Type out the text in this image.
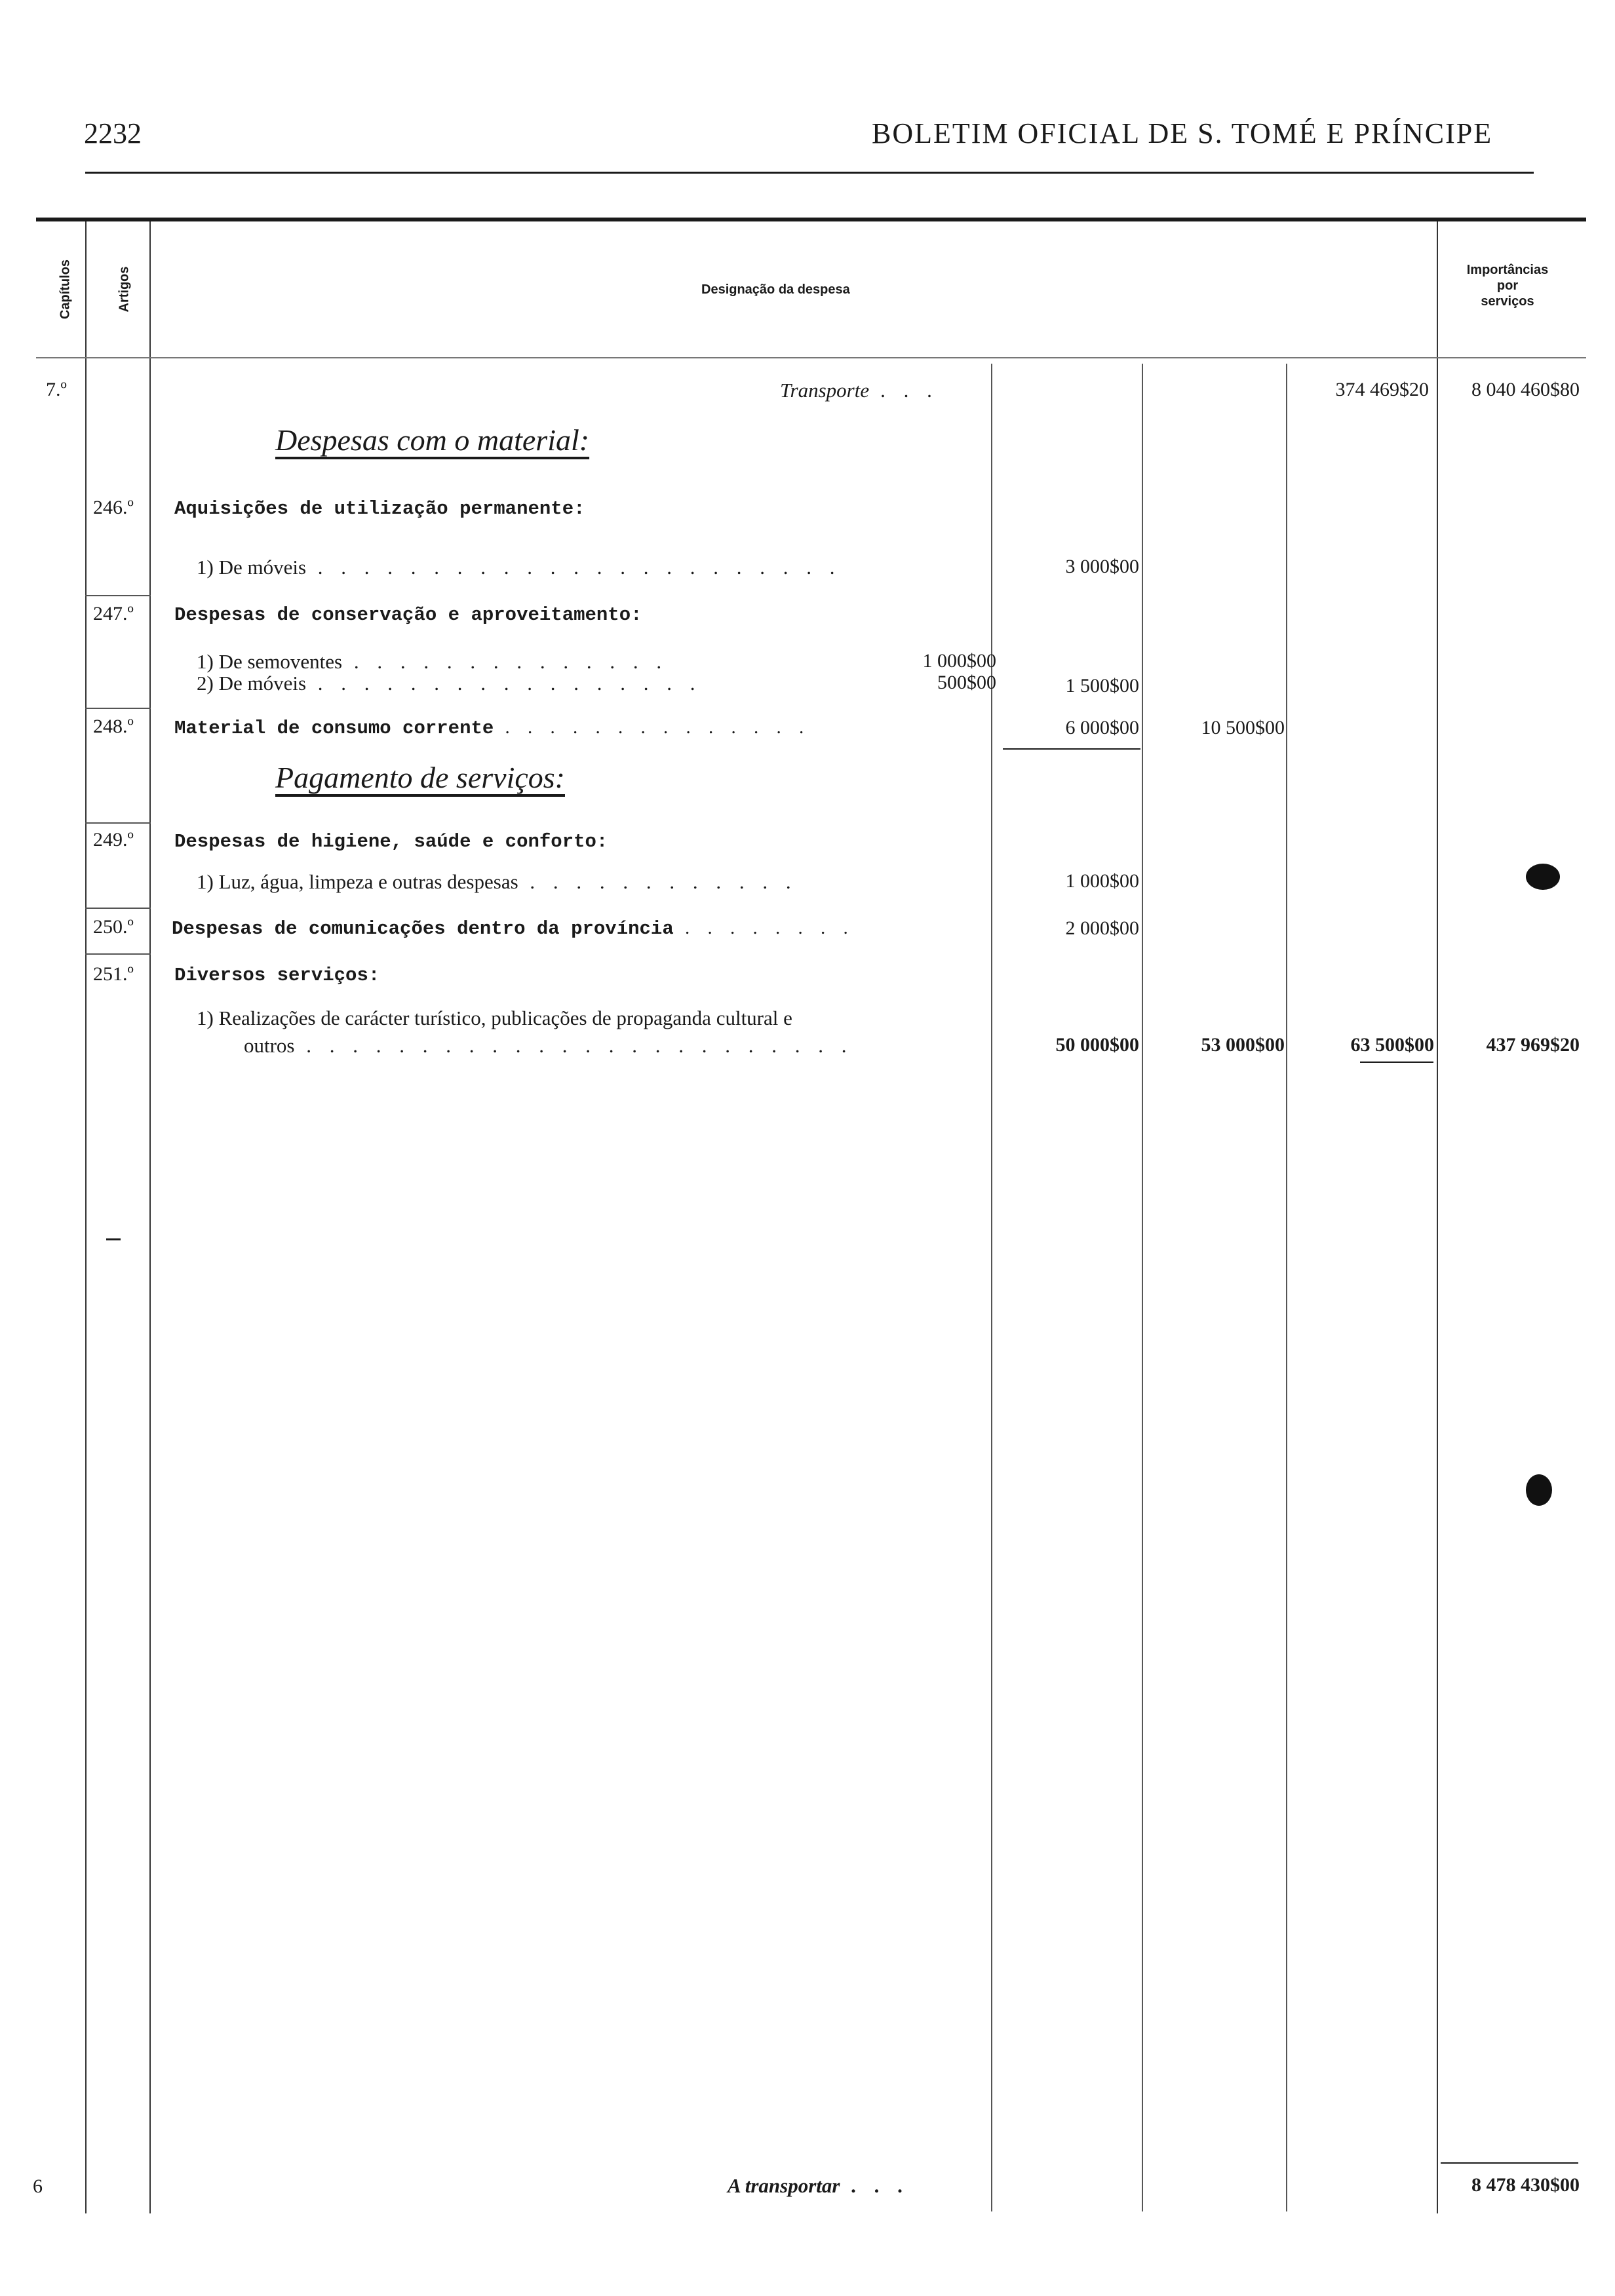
2232	BOLETIM OFICIAL DE S. TOMÉ E PRÍNCIPE
Capítulos	Artigos	Designação da despesa
Importâncias
por
serviços
7.º	Transporte . . .	374 469$20	8 040 460$80
Despesas com o material:
246.º Aquisições de utilização permanente:
1) De móveis . . . . . . . . . . . . . . . . . . . . . . .	3 000$00
247.º Despesas de conservação e aproveitamento:
1) De semoventes . . . . . . . . . . . . . .	1 000$00
2) De móveis . . . . . . . . . . . . . . . . .	500$00	1 500$00
248.º Material de consumo corrente . . . . . . . . . . . . . .	6 000$00	10 500$00
Pagamento de serviços:
249.º Despesas de higiene, saúde e conforto:
1) Luz, água, limpeza e outras despesas . . . . . . . . . . . .	1 000$00
250.º Despesas de comunicações dentro da província . . . . . . . .	2 000$00
251.º Diversos serviços:
1) Realizações de carácter turístico, publicações de propaganda cultural e
outros . . . . . . . . . . . . . . . . . . . . . . . .	50 000$00	53 000$00	63 500$00	437 969$20
6	A transportar . . .	8 478 430$00
